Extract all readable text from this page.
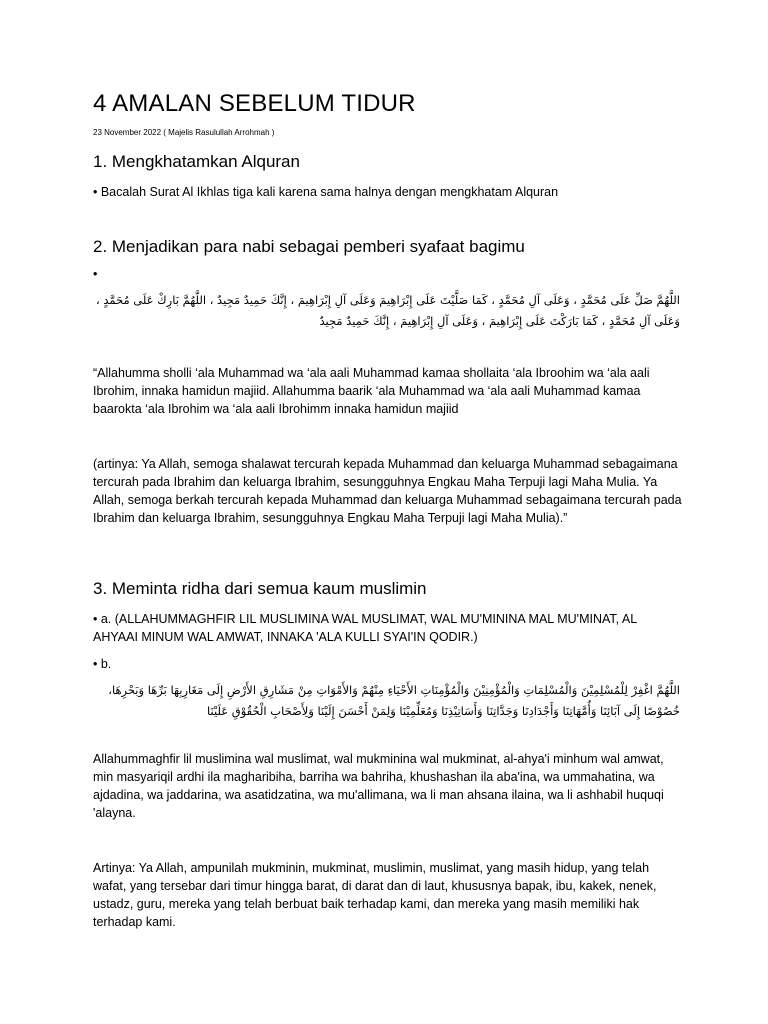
4 AMALAN SEBELUM TIDUR
23 November 2022 ( Majelis Rasulullah Arrohmah )
1. Mengkhatamkan Alquran

• Bacalah Surat Al Ikhlas tiga kali karena sama halnya dengan mengkhatam Alquran

2. Menjadikan para nabi sebagai pemberi syafaat bagimu
•

اللَّهُمَّ صَلِّ عَلَى مُحَمَّدٍ ، وَعَلَى آلِ مُحَمَّدٍ ، كَمَا صَلَّيْتَ عَلَى إِبْرَاهِيمَ وَعَلَى آلِ إِبْرَاهِيمَ ، إِنَّكَ حَمِيدٌ مَجِيدٌ ، اللَّهُمَّ بَارِكْ عَلَى مُحَمَّدٍ ،

وَعَلَى آلِ مُحَمَّدٍ ، كَمَا بَارَكْتَ عَلَى إِبْرَاهِيمَ ، وَعَلَى آلِ إِبْرَاهِيمَ ، إِنَّكَ حَمِيدٌ مَجِيدٌ

“Allahumma sholli ‘ala Muhammad wa ‘ala aali Muhammad kamaa shollaita ‘ala Ibroohim wa ‘ala aali Ibrohim, innaka hamidun majiid. Allahumma baarik ‘ala Muhammad wa ‘ala aali Muhammad kamaa baarokta ‘ala Ibrohim wa ‘ala aali Ibrohimm innaka hamidun majiid

(artinya: Ya Allah, semoga shalawat tercurah kepada Muhammad dan keluarga Muhammad sebagaimana tercurah pada Ibrahim dan keluarga Ibrahim, sesungguhnya Engkau Maha Terpuji lagi Maha Mulia. Ya Allah, semoga berkah tercurah kepada Muhammad dan keluarga Muhammad sebagaimana tercurah pada Ibrahim dan keluarga Ibrahim, sesungguhnya Engkau Maha Terpuji lagi Maha Mulia).”

3. Meminta ridha dari semua kaum muslimin

• a. (ALLAHUMMAGHFIR LIL MUSLIMINA WAL MUSLIMAT, WAL MU'MININA MAL MU'MINAT, AL AHYAAI MINUM WAL AMWAT, INNAKA 'ALA KULLI SYAI'IN QODIR.)

• b.

اللَّهُمَّ اغْفِرْ لِلْمُسْلِمِيْنَ وَالْمُسْلِمَاتِ وَالْمُؤْمِنِيْنَ وَالْمُؤْمِنَاتِ الأَحْيَاءِ مِنْهُمْ وَالأَمْوَاتِ مِنْ مَشَارِقِ الأَرْضِ إِلَى مَغَارِبِهَا بَرِّهَا وَبَحْرِهَا،

خُصُوْصًا إِلَى آبَائِنَا وَأُمَّهَاتِنَا وَأَجْدَادِنَا وَجَدَّاتِنَا وَأَسَاتِيْذِنَا وَمُعَلِّمِيْنَا وَلِمَنْ أَحْسَنَ إِلَيْنَا وَلِأَصْحَابِ الْحُقُوْقِ عَلَيْنَا

Allahummaghfir lil muslimina wal muslimat, wal mukminina wal mukminat, al-ahya'i minhum wal amwat, min masyariqil ardhi ila magharibiha, barriha wa bahriha, khushashan ila aba'ina, wa ummahatina, wa ajdadina, wa jaddarina, wa asatidzatina, wa mu'allimana, wa li man ahsana ilaina, wa li ashhabil huquqi 'alayna.

Artinya: Ya Allah, ampunilah mukminin, mukminat, muslimin, muslimat, yang masih hidup, yang telah wafat, yang tersebar dari timur hingga barat, di darat dan di laut, khususnya bapak, ibu, kakek, nenek, ustadz, guru, mereka yang telah berbuat baik terhadap kami, dan mereka yang masih memiliki hak terhadap kami.
